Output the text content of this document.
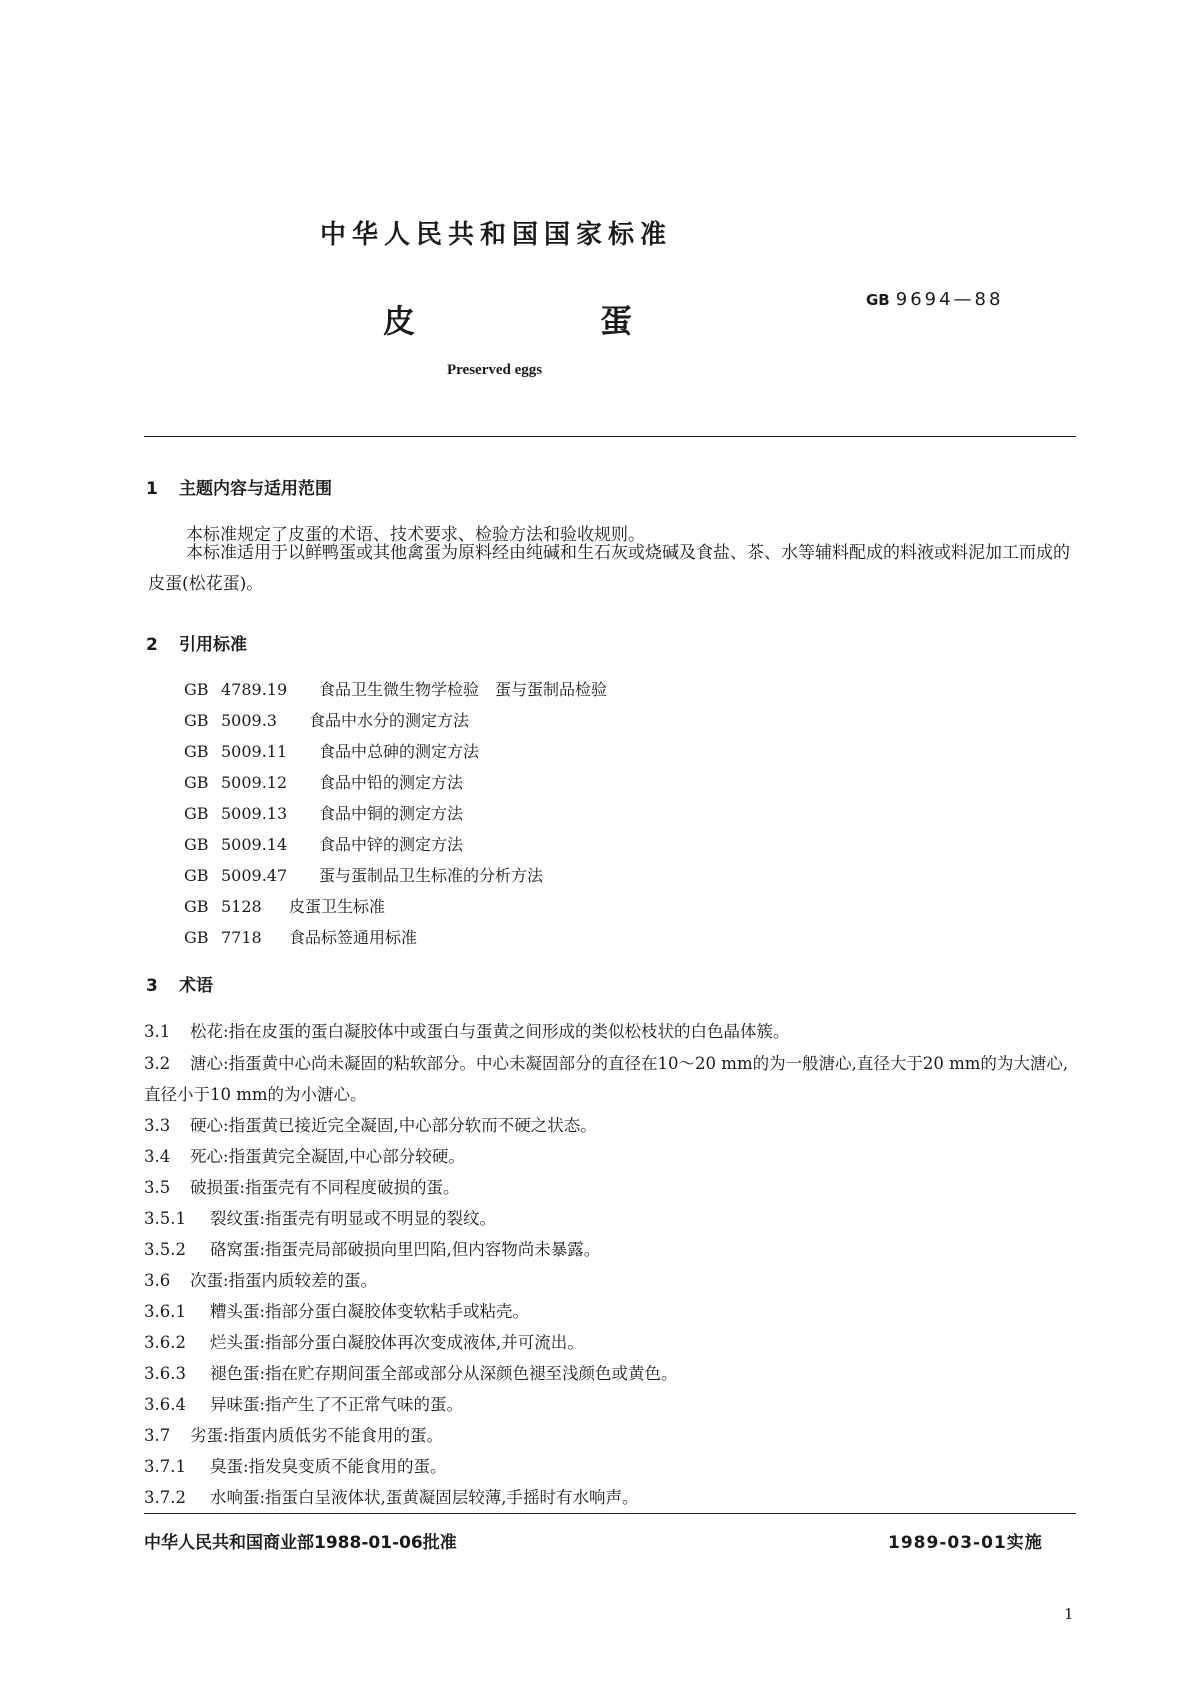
中华人民共和国国家标准
皮	蛋
GB 9694—88
Preserved eggs
1 主题内容与适用范围
本标准规定了皮蛋的术语、技术要求、检验方法和验收规则。
本标准适用于以鲜鸭蛋或其他禽蛋为原料经由纯碱和生石灰或烧碱及食盐、茶、水等辅料配成的料液或料泥加工而成的皮蛋(松花蛋)。
2 引用标准
GB 4789.19 食品卫生微生物学检验　蛋与蛋制品检验
GB 5009.3 食品中水分的测定方法
GB 5009.11 食品中总砷的测定方法
GB 5009.12 食品中铅的测定方法
GB 5009.13 食品中铜的测定方法
GB 5009.14 食品中锌的测定方法
GB 5009.47 蛋与蛋制品卫生标准的分析方法
GB 5128 皮蛋卫生标准
GB 7718 食品标签通用标准
3 术语
3.1 松花:指在皮蛋的蛋白凝胶体中或蛋白与蛋黄之间形成的类似松枝状的白色晶体簇。
3.2 溏心:指蛋黄中心尚未凝固的粘软部分。中心未凝固部分的直径在10～20 mm的为一般溏心,直径大于20 mm的为大溏心,直径小于10 mm的为小溏心。
3.3 硬心:指蛋黄已接近完全凝固,中心部分软而不硬之状态。
3.4 死心:指蛋黄完全凝固,中心部分较硬。
3.5 破损蛋:指蛋壳有不同程度破损的蛋。
3.5.1 裂纹蛋:指蛋壳有明显或不明显的裂纹。
3.5.2 硌窝蛋:指蛋壳局部破损向里凹陷,但内容物尚未暴露。
3.6 次蛋:指蛋内质较差的蛋。
3.6.1 糟头蛋:指部分蛋白凝胶体变软粘手或粘壳。
3.6.2 烂头蛋:指部分蛋白凝胶体再次变成液体,并可流出。
3.6.3 褪色蛋:指在贮存期间蛋全部或部分从深颜色褪至浅颜色或黄色。
3.6.4 异味蛋:指产生了不正常气味的蛋。
3.7 劣蛋:指蛋内质低劣不能食用的蛋。
3.7.1 臭蛋:指发臭变质不能食用的蛋。
3.7.2 水响蛋:指蛋白呈液体状,蛋黄凝固层较薄,手摇时有水响声。
中华人民共和国商业部1988-01-06批准	1989-03-01实施
1
